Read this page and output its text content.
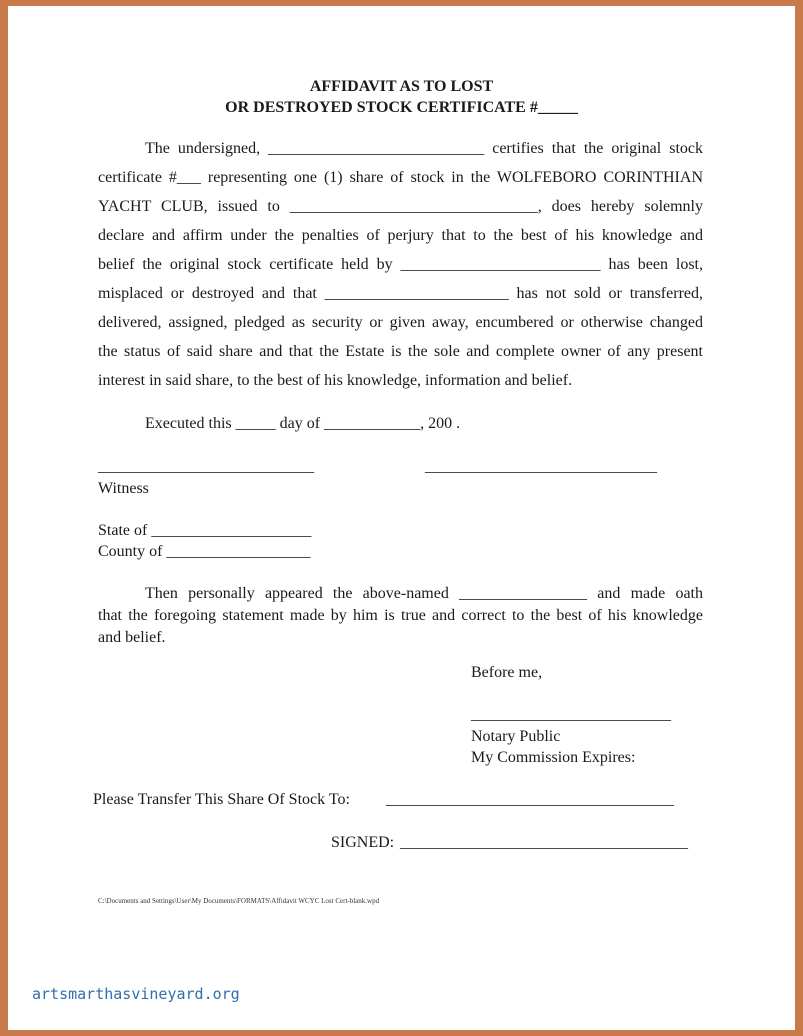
AFFIDAVIT AS TO LOST
OR DESTROYED STOCK CERTIFICATE #_____
The undersigned, ___________________________ certifies that the original stock
certificate #___ representing one (1) share of stock in the WOLFEBORO CORINTHIAN
YACHT CLUB, issued to _______________________________, does hereby solemnly
declare and affirm under the penalties of perjury that to the best of his knowledge and
belief the original stock certificate held by _________________________ has been lost,
misplaced or destroyed and that _______________________ has not sold or transferred,
delivered, assigned, pledged as security or given away, encumbered or otherwise changed
the status of said share and that the Estate is the sole and complete owner of any present
interest in said share, to the best of his knowledge, information and belief.
Executed this _____ day of ____________, 200 .
___________________________	_____________________________
Witness
State of ____________________
County of __________________
Then personally appeared the above-named ________________ and made oath
that the foregoing statement made by him is true and correct to the best of his knowledge
and belief.
Before me,
_________________________
Notary Public
My Commission Expires:
Please Transfer This Share Of Stock To: ____________________________________
SIGNED: ____________________________________
C:\Documents and Settings\User\My Documents\FORMATS\Affidavit WCYC Lost Cert-blank.wpd
artsmarthasvineyard.org
